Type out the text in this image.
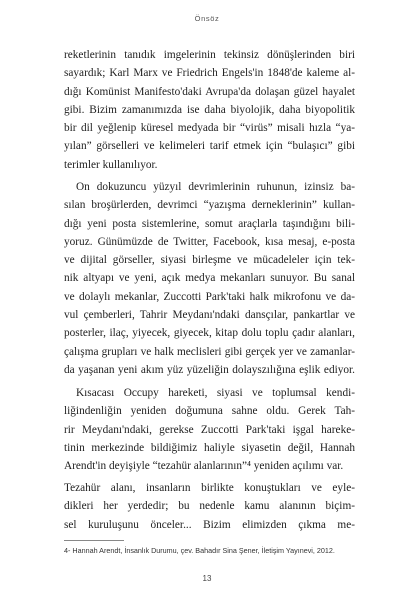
Önsöz
reketlerinin tanıdık imgelerinin tekinsiz dönüşlerinden biri
sayardık; Karl Marx ve Friedrich Engels'in 1848'de kaleme al-
dığı Komünist Manifesto'daki Avrupa'da dolaşan güzel hayalet
gibi. Bizim zamanımızda ise daha biyolojik, daha biyopolitik
bir dil yeğlenip küresel medyada bir “virüs” misali hızla “ya-
yılan” görselleri ve kelimeleri tarif etmek için “bulaşıcı” gibi
terimler kullanılıyor.
On dokuzuncu yüzyıl devrimlerinin ruhunun, izinsiz ba-
sılan broşürlerden, devrimci “yazışma derneklerinin” kullan-
dığı yeni posta sistemlerine, somut araçlarla taşındığını bili-
yoruz. Günümüzde de Twitter, Facebook, kısa mesaj, e-posta
ve dijital görseller, siyasi birleşme ve mücadeleler için tek-
nik altyapı ve yeni, açık medya mekanları sunuyor. Bu sanal
ve dolaylı mekanlar, Zuccotti Park'taki halk mikrofonu ve da-
vul çemberleri, Tahrir Meydanı'ndaki dansçılar, pankartlar ve
posterler, ilaç, yiyecek, giyecek, kitap dolu toplu çadır alanları,
çalışma grupları ve halk meclisleri gibi gerçek yer ve zamanlar-
da yaşanan yeni akım yüz yüzeliğin dolayszılığına eşlik ediyor.
Kısacası Occupy hareketi, siyasi ve toplumsal kendi-
liğindenliğin yeniden doğumuna sahne oldu. Gerek Tah-
rir Meydanı'ndaki, gerekse Zuccotti Park'taki işgal hareke-
tinin merkezinde bildiğimiz haliyle siyasetin değil, Hannah
Arendt'in deyişiyle “tezahür alanlarının”⁴ yeniden açılımı var.
Tezahür alanı, insanların birlikte konuştukları ve eyle-
dikleri her yerdedir; bu nedenle kamu alanının biçim-
sel kuruluşunu önceler... Bizim elimizden çıkma me-
4- Hannah Arendt, İnsanlık Durumu, çev. Bahadır Sina Şener, İletişim Yayınevi, 2012.
13
